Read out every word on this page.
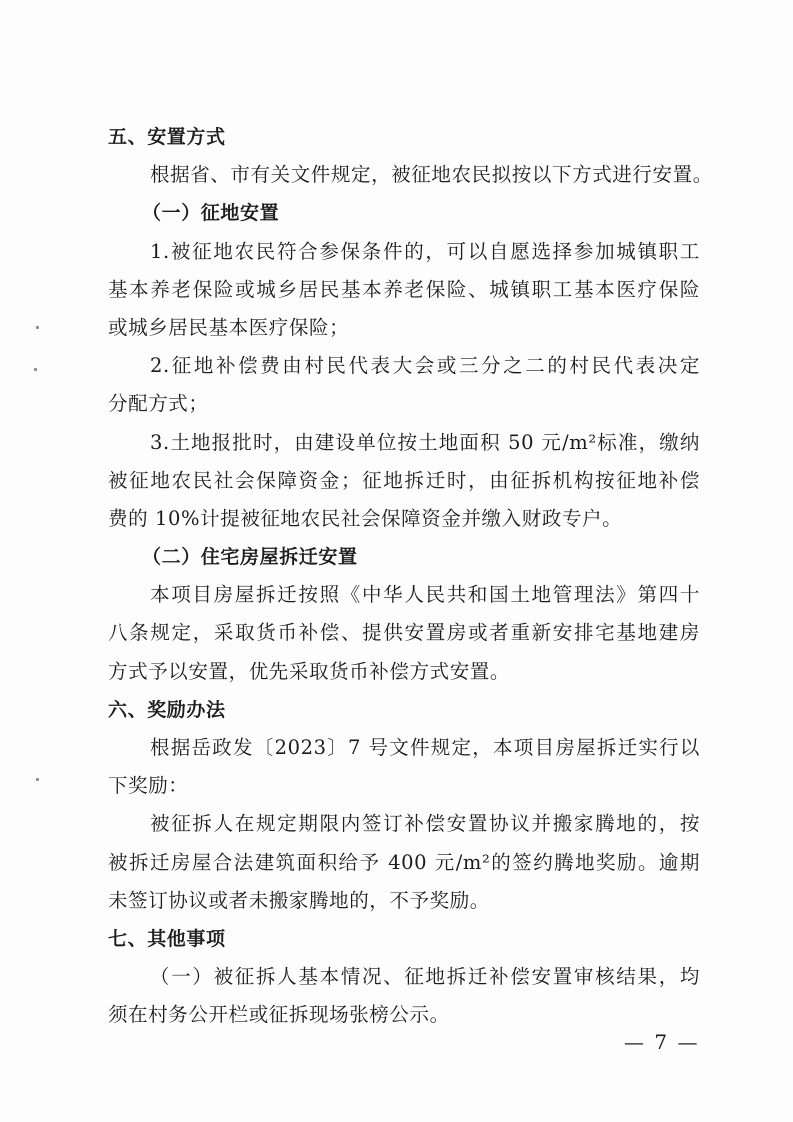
五、安置方式
根据省、市有关文件规定，被征地农民拟按以下方式进行安置。
（一）征地安置
1.被征地农民符合参保条件的，可以自愿选择参加城镇职工
基本养老保险或城乡居民基本养老保险、城镇职工基本医疗保险
或城乡居民基本医疗保险；
2.征地补偿费由村民代表大会或三分之二的村民代表决定
分配方式；
3.土地报批时，由建设单位按土地面积 50 元/m²标准，缴纳
被征地农民社会保障资金；征地拆迁时，由征拆机构按征地补偿
费的 10%计提被征地农民社会保障资金并缴入财政专户。
（二）住宅房屋拆迁安置
本项目房屋拆迁按照《中华人民共和国土地管理法》第四十
八条规定，采取货币补偿、提供安置房或者重新安排宅基地建房
方式予以安置，优先采取货币补偿方式安置。
六、奖励办法
根据岳政发〔2023〕7 号文件规定，本项目房屋拆迁实行以
下奖励：
被征拆人在规定期限内签订补偿安置协议并搬家腾地的，按
被拆迁房屋合法建筑面积给予 400 元/m²的签约腾地奖励。逾期
未签订协议或者未搬家腾地的，不予奖励。
七、其他事项
（一）被征拆人基本情况、征地拆迁补偿安置审核结果，均
须在村务公开栏或征拆现场张榜公示。
— 7 —
